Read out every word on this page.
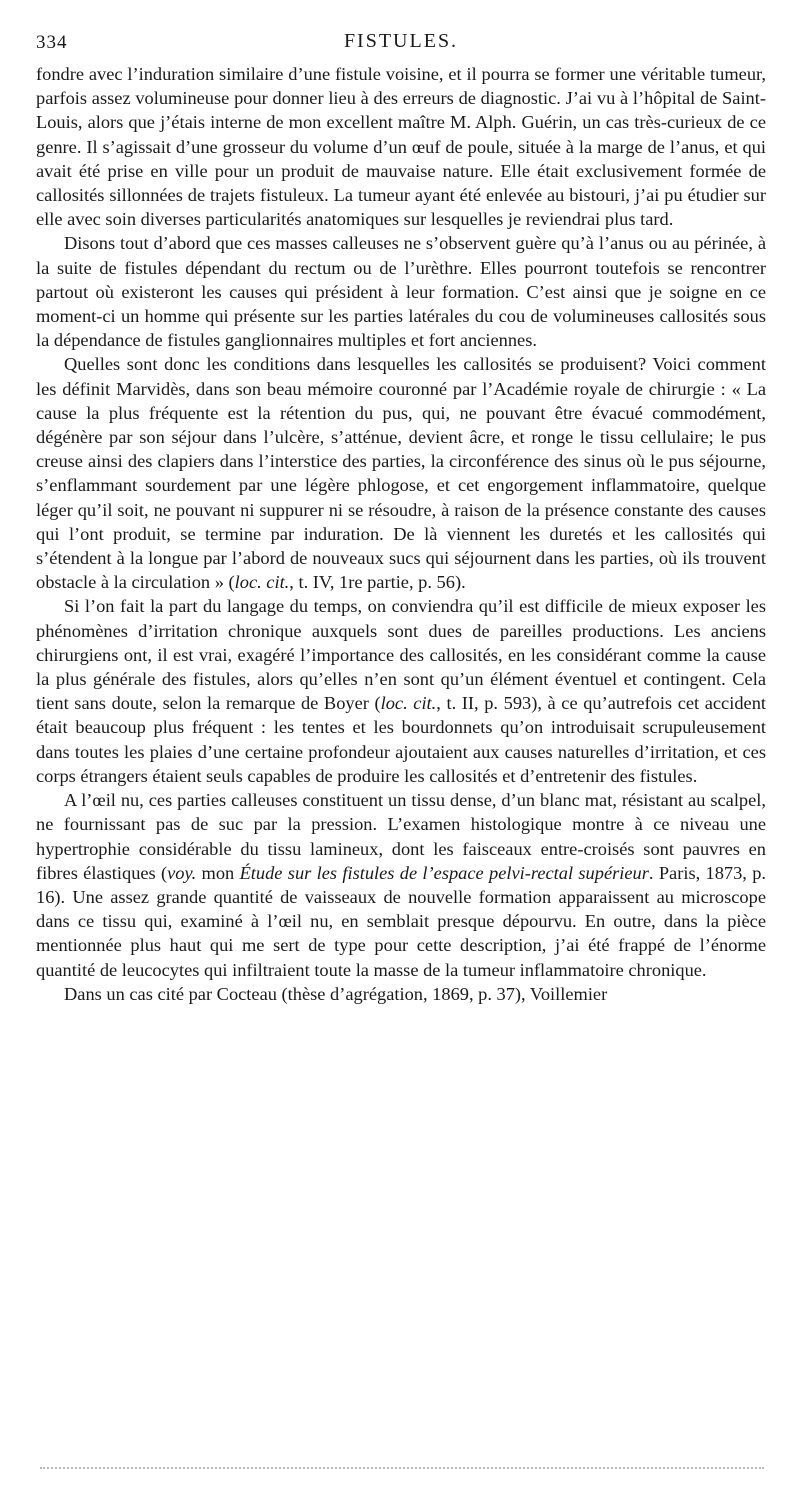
334	FISTULES.

fondre avec l’induration similaire d’une fistule voisine, et il pourra se former une véritable tumeur, parfois assez volumineuse pour donner lieu à des erreurs de diagnostic. J’ai vu à l’hôpital de Saint-Louis, alors que j’étais interne de mon excellent maître M. Alph. Guérin, un cas très-curieux de ce genre. Il s’agissait d’une grosseur du volume d’un œuf de poule, située à la marge de l’anus, et qui avait été prise en ville pour un produit de mauvaise nature. Elle était exclusivement formée de callosités sillonnées de trajets fistuleux. La tumeur ayant été enlevée au bistouri, j’ai pu étudier sur elle avec soin diverses particularités anatomiques sur lesquelles je reviendrai plus tard.

Disons tout d’abord que ces masses calleuses ne s’observent guère qu’à l’anus ou au périnée, à la suite de fistules dépendant du rectum ou de l’urèthre. Elles pourront toutefois se rencontrer partout où existeront les causes qui président à leur formation. C’est ainsi que je soigne en ce moment-ci un homme qui présente sur les parties latérales du cou de volumineuses callosités sous la dépendance de fistules ganglionnaires multiples et fort anciennes.

Quelles sont donc les conditions dans lesquelles les callosités se produisent? Voici comment les définit Marvidès, dans son beau mémoire couronné par l’Académie royale de chirurgie : « La cause la plus fréquente est la rétention du pus, qui, ne pouvant être évacué commodément, dégénère par son séjour dans l’ulcère, s’atténue, devient âcre, et ronge le tissu cellulaire; le pus creuse ainsi des clapiers dans l’interstice des parties, la circonférence des sinus où le pus séjourne, s’enflammant sourdement par une légère phlogose, et cet engorgement inflammatoire, quelque léger qu’il soit, ne pouvant ni suppurer ni se résoudre, à raison de la présence constante des causes qui l’ont produit, se termine par induration. De là viennent les duretés et les callosités qui s’étendent à la longue par l’abord de nouveaux sucs qui séjournent dans les parties, où ils trouvent obstacle à la circulation » (loc. cit., t. IV, 1re partie, p. 56).

Si l’on fait la part du langage du temps, on conviendra qu’il est difficile de mieux exposer les phénomènes d’irritation chronique auxquels sont dues de pareilles productions. Les anciens chirurgiens ont, il est vrai, exagéré l’importance des callosités, en les considérant comme la cause la plus générale des fistules, alors qu’elles n’en sont qu’un élément éventuel et contingent. Cela tient sans doute, selon la remarque de Boyer (loc. cit., t. II, p. 593), à ce qu’autrefois cet accident était beaucoup plus fréquent : les tentes et les bourdonnets qu’on introduisait scrupuleusement dans toutes les plaies d’une certaine profondeur ajoutaient aux causes naturelles d’irritation, et ces corps étrangers étaient seuls capables de produire les callosités et d’entretenir des fistules.

A l’œil nu, ces parties calleuses constituent un tissu dense, d’un blanc mat, résistant au scalpel, ne fournissant pas de suc par la pression. L’examen histologique montre à ce niveau une hypertrophie considérable du tissu lamineux, dont les faisceaux entre-croisés sont pauvres en fibres élastiques (voy. mon Étude sur les fistules de l’espace pelvi-rectal supérieur. Paris, 1873, p. 16). Une assez grande quantité de vaisseaux de nouvelle formation apparaissent au microscope dans ce tissu qui, examiné à l’œil nu, en semblait presque dépourvu. En outre, dans la pièce mentionnée plus haut qui me sert de type pour cette description, j’ai été frappé de l’énorme quantité de leucocytes qui infiltraient toute la masse de la tumeur inflammatoire chronique.

Dans un cas cité par Cocteau (thèse d’agrégation, 1869, p. 37), Voillemier
